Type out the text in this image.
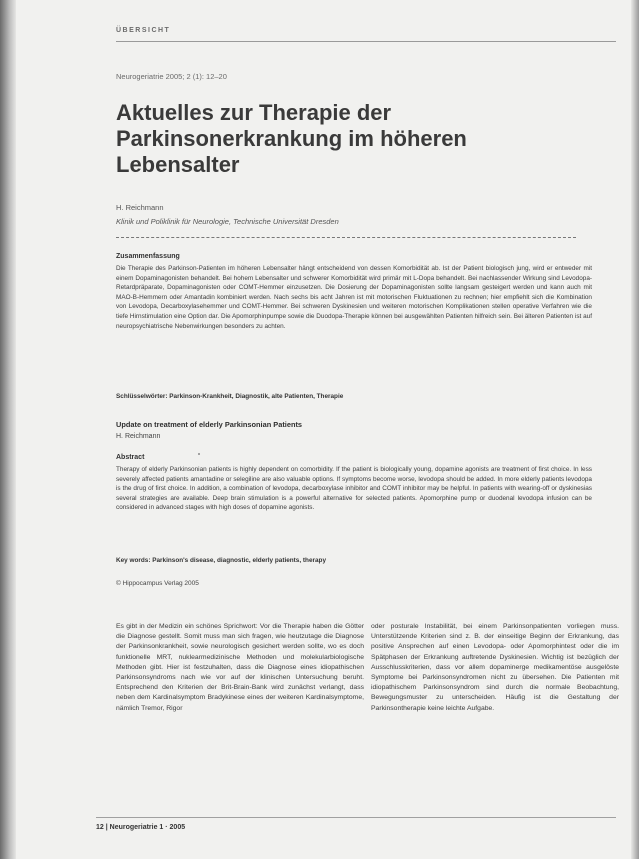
ÜBERSICHT
Neurogeriatrie 2005; 2 (1): 12–20
Aktuelles zur Therapie der Parkinsonerkrankung im höheren Lebensalter
H. Reichmann
Klinik und Poliklinik für Neurologie, Technische Universität Dresden
Zusammenfassung

Die Therapie des Parkinson-Patienten im höheren Lebensalter hängt entscheidend von dessen Komorbidität ab. Ist der Patient biologisch jung, wird er entweder mit einem Dopaminagonisten behandelt. Bei hohem Lebensalter und schwerer Komorbidität wird primär mit L-Dopa behandelt. Bei nachlassender Wirkung sind Levodopa-Retardpräparate, Dopaminagonisten oder COMT-Hemmer einzusetzen. Die Dosierung der Dopaminagonisten sollte langsam gesteigert werden und kann auch mit MAO-B-Hemmern oder Amantadin kombiniert werden. Nach sechs bis acht Jahren ist mit motorischen Fluktuationen zu rechnen; hier empfiehlt sich die Kombination von Levodopa, Decarboxylasehemmer und COMT-Hemmer. Bei schweren Dyskinesien und weiteren motorischen Komplikationen stellen operative Verfahren wie die tiefe Hirnstimulation eine Option dar. Die Apomorphinpumpe sowie die Duodopa-Therapie können bei ausgewählten Patienten hilfreich sein. Bei älteren Patienten ist auf neuropsychiatrische Nebenwirkungen besonders zu achten.

Schlüsselwörter: Parkinson-Krankheit, Diagnostik, alte Patienten, Therapie

Update on treatment of elderly Parkinsonian Patients
H. Reichmann
Abstract

Therapy of elderly Parkinsonian patients is highly dependent on comorbidity. If the patient is biologically young, dopamine agonists are treatment of first choice. In less severely affected patients amantadine or selegiline are also valuable options. If symptoms become worse, levodopa should be added. In more elderly patients levodopa is the drug of first choice. In addition, a combination of levodopa, decarboxylase inhibitor and COMT inhibitor may be helpful. In patients with wearing-off or dyskinesias several strategies are available. Deep brain stimulation is a powerful alternative for selected patients. Apomorphine pump or duodenal levodopa infusion can be considered in advanced stages with high doses of dopamine agonists.

Key words: Parkinson's disease, diagnostic, elderly patients, therapy

© Hippocampus Verlag 2005

Es gibt in der Medizin ein schönes Sprichwort: Vor die Therapie haben die Götter die Diagnose gestellt. Somit muss man sich fragen, wie heutzutage die Diagnose der Parkinsonkrankheit, sowie neurologisch gesichert werden sollte, wo es doch funktionelle MRT, nuklearmedizinische Methoden und molekularbiologische Methoden gibt. Hier ist festzuhalten, dass die Diagnose eines idiopathischen Parkinsonsyndroms nach wie vor auf der klinischen Untersuchung beruht. Entsprechend den Kriterien der Brit-Brain-Bank wird zunächst verlangt, dass neben dem Kardinalsymptom Bradykinese eines der weiteren Kardinalsymptome, nämlich Tremor, Rigor

oder posturale Instabilität, bei einem Parkinsonpatienten vorliegen muss. Unterstützende Kriterien sind z. B. der einseitige Beginn der Erkrankung, das positive Ansprechen auf einen Levodopa- oder Apomorphintest oder die im Spätphasen der Erkrankung auftretende Dyskinesien. Wichtig ist bezüglich der Ausschlusskriterien, dass vor allem dopaminerge medikamentöse ausgelöste Symptome bei Parkinsonsyndromen nicht zu übersehen. Die Patienten mit idiopathischem Parkinsonsyndrom sind durch die normale Beobachtung, Bewegungsmuster zu unterscheiden. Häufig ist die Gestaltung der Parkinsontherapie keine leichte Aufgabe.

12 | Neurogeriatrie 1 · 2005
